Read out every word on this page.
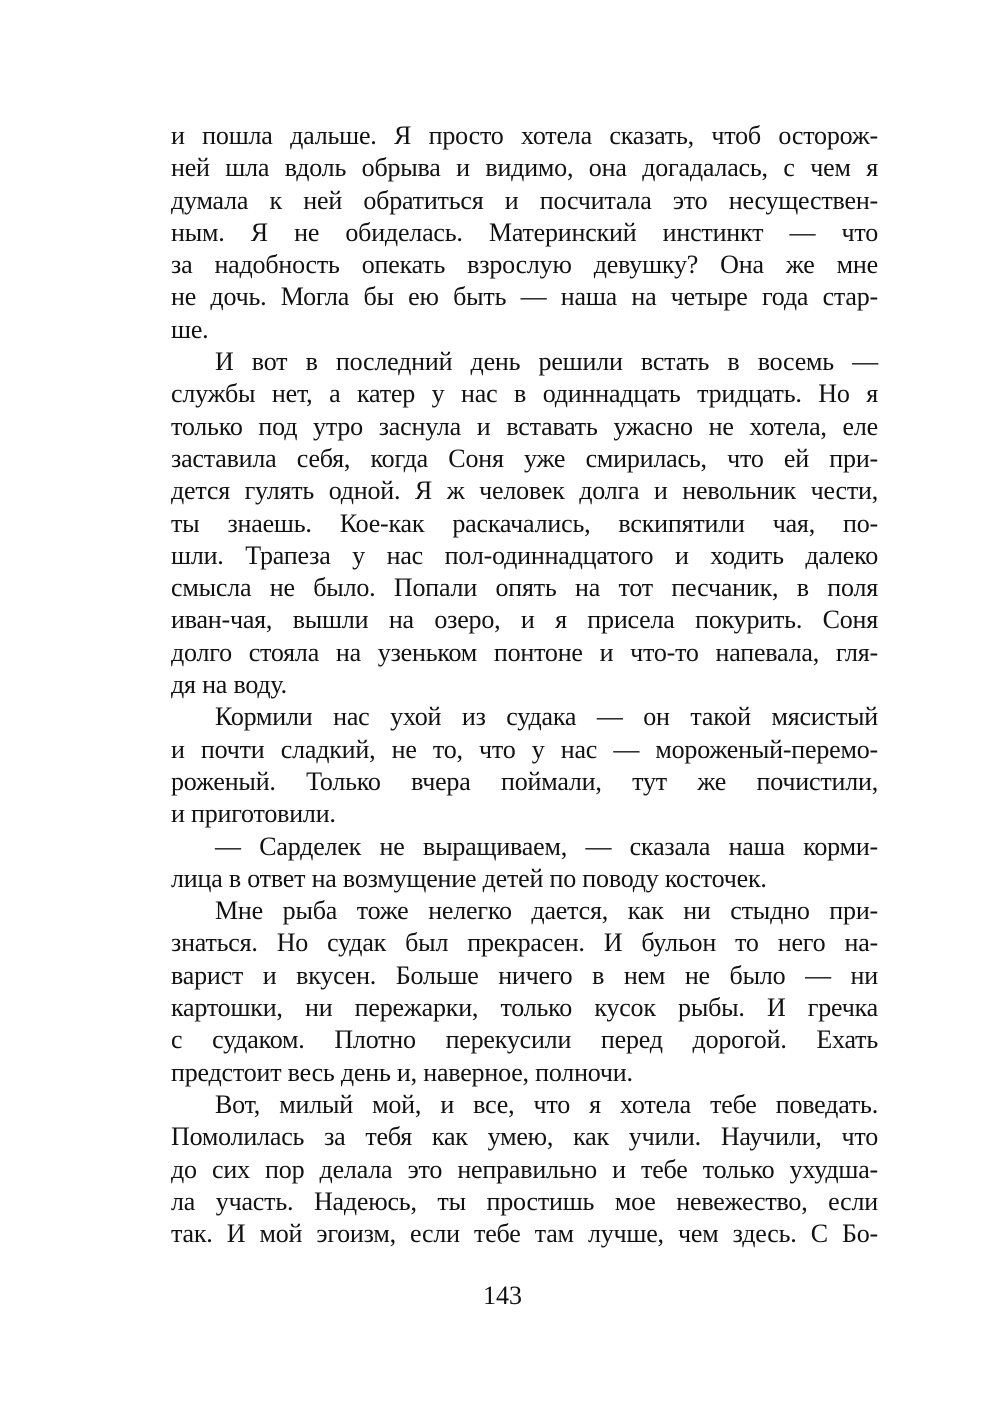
и пошла дальше. Я просто хотела сказать, чтоб осторож-
ней шла вдоль обрыва и видимо, она догадалась, с чем я
думала к ней обратиться и посчитала это несуществен-
ным. Я не обиделась. Материнский инстинкт — что
за надобность опекать взрослую девушку? Она же мне
не дочь. Могла бы ею быть — наша на четыре года стар-
ше.
И вот в последний день решили встать в восемь —
службы нет, а катер у нас в одиннадцать тридцать. Но я
только под утро заснула и вставать ужасно не хотела, еле
заставила себя, когда Соня уже смирилась, что ей при-
дется гулять одной. Я ж человек долга и невольник чести,
ты знаешь. Кое-как раскачались, вскипятили чая, по-
шли. Трапеза у нас пол-одиннадцатого и ходить далеко
смысла не было. Попали опять на тот песчаник, в поля
иван-чая, вышли на озеро, и я присела покурить. Соня
долго стояла на узеньком понтоне и что-то напевала, гля-
дя на воду.
Кормили нас ухой из судака — он такой мясистый
и почти сладкий, не то, что у нас — мороженый-перемо-
роженый. Только вчера поймали, тут же почистили,
и приготовили.
— Сарделек не выращиваем, — сказала наша корми-
лица в ответ на возмущение детей по поводу косточек.
Мне рыба тоже нелегко дается, как ни стыдно при-
знаться. Но судак был прекрасен. И бульон то него на-
варист и вкусен. Больше ничего в нем не было — ни
картошки, ни пережарки, только кусок рыбы. И гречка
с судаком. Плотно перекусили перед дорогой. Ехать
предстоит весь день и, наверное, полночи.
Вот, милый мой, и все, что я хотела тебе поведать.
Помолилась за тебя как умею, как учили. Научили, что
до сих пор делала это неправильно и тебе только ухудша-
ла участь. Надеюсь, ты простишь мое невежество, если
так. И мой эгоизм, если тебе там лучше, чем здесь. С Бо-
143
